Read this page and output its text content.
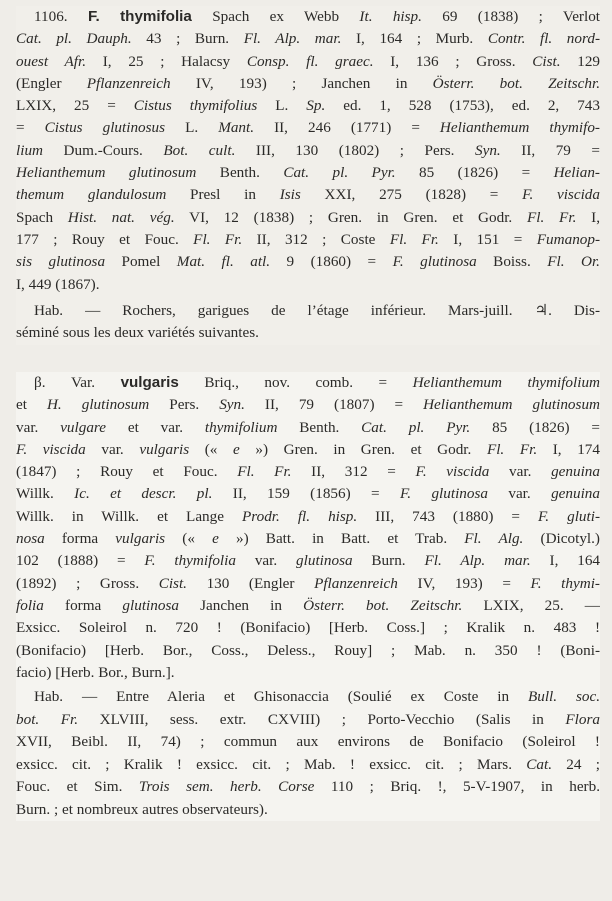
1106. F. thymifolia Spach ex Webb It. hisp. 69 (1838) ; Verlot
Cat. pl. Dauph. 43 ; Burn. Fl. Alp. mar. I, 164 ; Murb. Contr. fl. nord-
ouest Afr. I, 25 ; Halacsy Consp. fl. graec. I, 136 ; Gross. Cist. 129
(Engler Pflanzenreich IV, 193) ; Janchen in Österr. bot. Zeitschr.
LXIX, 25 = Cistus thymifolius L. Sp. ed. 1, 528 (1753), ed. 2, 743
= Cistus glutinosus L. Mant. II, 246 (1771) = Helianthemum thymifo-
lium Dum.-Cours. Bot. cult. III, 130 (1802) ; Pers. Syn. II, 79 =
Helianthemum glutinosum Benth. Cat. pl. Pyr. 85 (1826) = Helian-
themum glandulosum Presl in Isis XXI, 275 (1828) = F. viscida
Spach Hist. nat. vég. VI, 12 (1838) ; Gren. in Gren. et Godr. Fl. Fr. I,
177 ; Rouy et Fouc. Fl. Fr. II, 312 ; Coste Fl. Fr. I, 151 = Fumanop-
sis glutinosa Pomel Mat. fl. atl. 9 (1860) = F. glutinosa Boiss. Fl. Or.
I, 449 (1867).
Hab. — Rochers, garigues de l’étage inférieur. Mars-juill. ♃. Dis-
séminé sous les deux variétés suivantes.
β. Var. vulgaris Briq., nov. comb. = Helianthemum thymifolium
et H. glutinosum Pers. Syn. II, 79 (1807) = Helianthemum glutinosum
var. vulgare et var. thymifolium Benth. Cat. pl. Pyr. 85 (1826) =
F. viscida var. vulgaris (« e ») Gren. in Gren. et Godr. Fl. Fr. I, 174
(1847) ; Rouy et Fouc. Fl. Fr. II, 312 = F. viscida var. genuina
Willk. Ic. et descr. pl. II, 159 (1856) = F. glutinosa var. genuina
Willk. in Willk. et Lange Prodr. fl. hisp. III, 743 (1880) = F. gluti-
nosa forma vulgaris (« e ») Batt. in Batt. et Trab. Fl. Alg. (Dicotyl.)
102 (1888) = F. thymifolia var. glutinosa Burn. Fl. Alp. mar. I, 164
(1892) ; Gross. Cist. 130 (Engler Pflanzenreich IV, 193) = F. thymi-
folia forma glutinosa Janchen in Österr. bot. Zeitschr. LXIX, 25. —
Exsicc. Soleirol n. 720 ! (Bonifacio) [Herb. Coss.] ; Kralik n. 483 !
(Bonifacio) [Herb. Bor., Coss., Deless., Rouy] ; Mab. n. 350 ! (Boni-
facio) [Herb. Bor., Burn.].
Hab. — Entre Aleria et Ghisonaccia (Soulié ex Coste in Bull. soc.
bot. Fr. XLVIII, sess. extr. CXVIII) ; Porto-Vecchio (Salis in Flora
XVII, Beibl. II, 74) ; commun aux environs de Bonifacio (Soleirol !
exsicc. cit. ; Kralik ! exsicc. cit. ; Mab. ! exsicc. cit. ; Mars. Cat. 24 ;
Fouc. et Sim. Trois sem. herb. Corse 110 ; Briq. !, 5-V-1907, in herb.
Burn. ; et nombreux autres observateurs).
